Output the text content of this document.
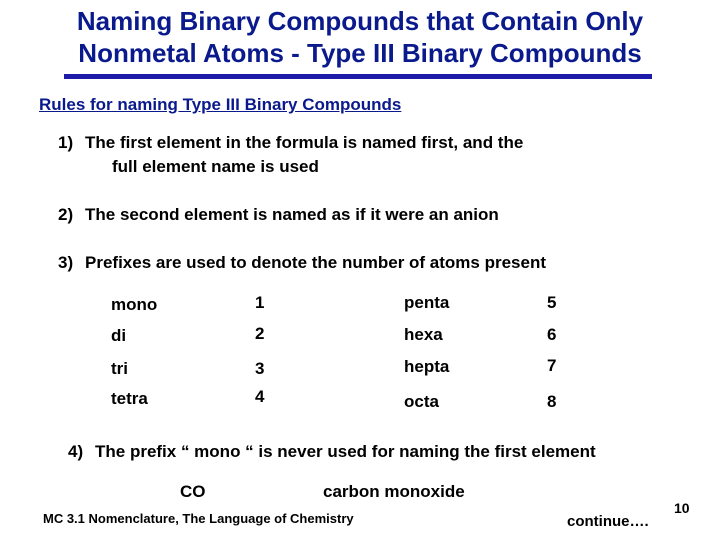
Naming Binary Compounds that Contain Only
Nonmetal Atoms - Type III Binary Compounds
Rules for naming Type III Binary Compounds
1) The first element in the formula is named first, and the
full element name is used
2) The second element is named as if it were an anion
3) Prefixes are used to denote the number of atoms present
mono	1
di	2
tri	3
tetra	4
penta	5
hexa	6
hepta	7
octa	8
4) The prefix “ mono “ is never used for naming the first element
CO	carbon monoxide
MC 3.1 Nomenclature, The Language of Chemistry
10
continue….
